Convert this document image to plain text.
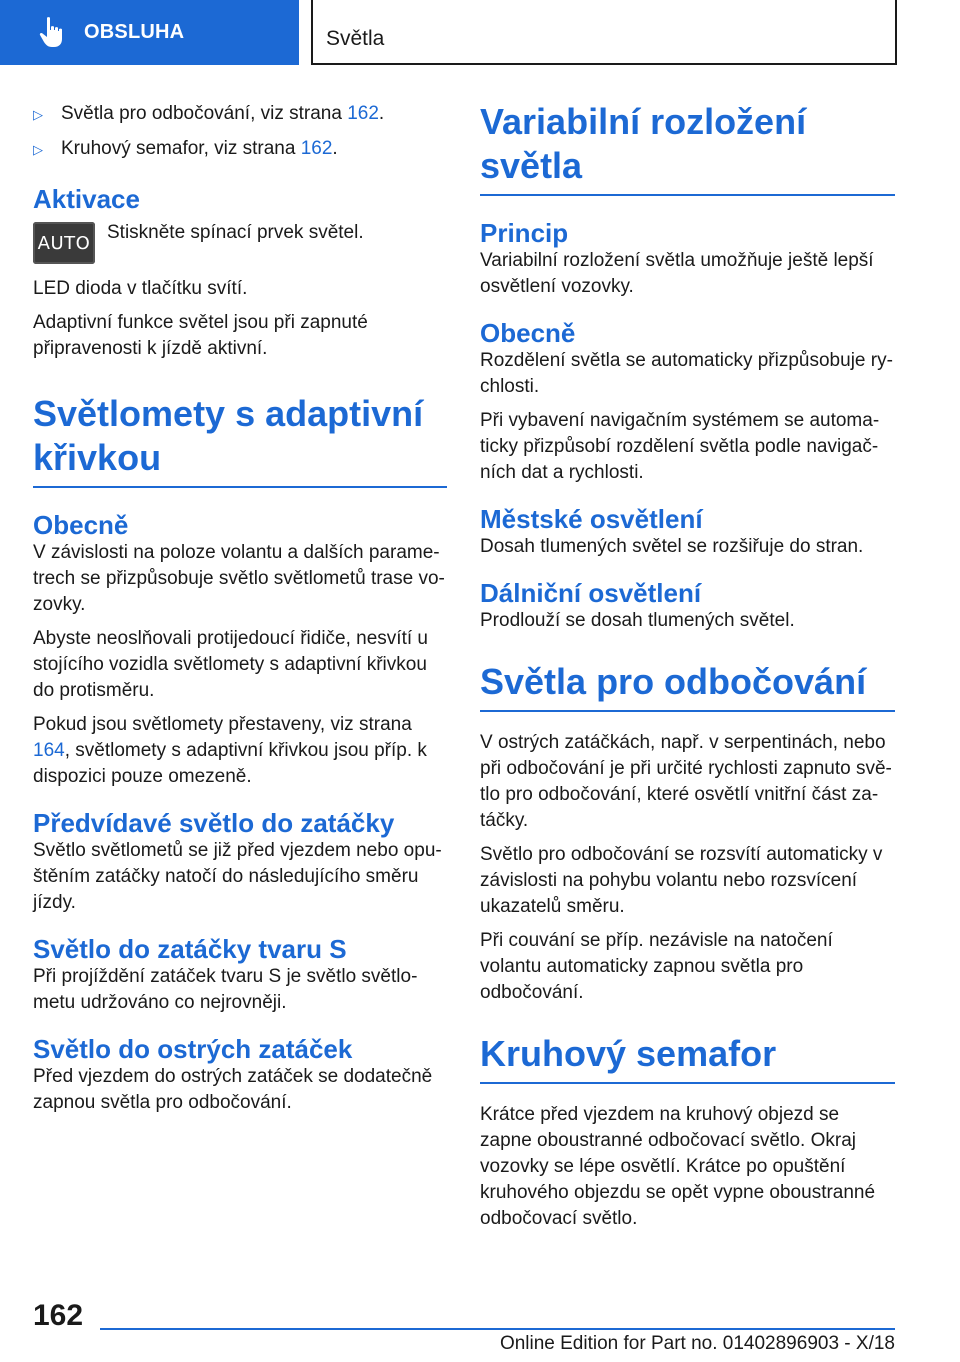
OBSLUHA	Světla
▷ Světla pro odbočování, viz strana 162.
▷ Kruhový semafor, viz strana 162.
Aktivace
AUTO Stiskněte spínací prvek světel.
LED dioda v tlačítku svítí.
Adaptivní funkce světel jsou při zapnuté připravenosti k jízdě aktivní.
Světlomety s adaptivní
křivkou
Obecně
V závislosti na poloze volantu a dalších parametrech se přizpůsobuje světlo světlometů trase vozovky.
Abyste neoslňovali protijedoucí řidiče, nesvítí u stojícího vozidla světlomety s adaptivní křivkou do protisměru.
Pokud jsou světlomety přestaveny, viz strana 164, světlomety s adaptivní křivkou jsou příp. k dispozici pouze omezeně.
Předvídavé světlo do zatáčky
Světlo světlometů se již před vjezdem nebo opuštěním zatáčky natočí do následujícího směru jízdy.
Světlo do zatáčky tvaru S
Při projíždění zatáček tvaru S je světlo světlometu udržováno co nejrovněji.
Světlo do ostrých zatáček
Před vjezdem do ostrých zatáček se dodatečně zapnou světla pro odbočování.
Variabilní rozložení světla
Princip
Variabilní rozložení světla umožňuje ještě lepší osvětlení vozovky.
Obecně
Rozdělení světla se automaticky přizpůsobuje rychlosti.
Při vybavení navigačním systémem se automaticky přizpůsobí rozdělení světla podle navigačních dat a rychlosti.
Městské osvětlení
Dosah tlumených světel se rozšiřuje do stran.
Dálniční osvětlení
Prodlouží se dosah tlumených světel.
Světla pro odbočování
V ostrých zatáčkách, např. v serpentinách, nebo při odbočování je při určité rychlosti zapnuto světlo pro odbočování, které osvětlí vnitřní část zatáčky.
Světlo pro odbočování se rozsvítí automaticky v závislosti na pohybu volantu nebo rozsvícení ukazatelů směru.
Při couvání se příp. nezávisle na natočení volantu automaticky zapnou světla pro odbočování.
Kruhový semafor
Krátce před vjezdem na kruhový objezd se zapne oboustranné odbočovací světlo. Okraj vozovky se lépe osvětlí. Krátce po opuštění kruhového objezdu se opět vypne oboustranné odbočovací světlo.
162
Online Edition for Part no. 01402896903 - X/18
